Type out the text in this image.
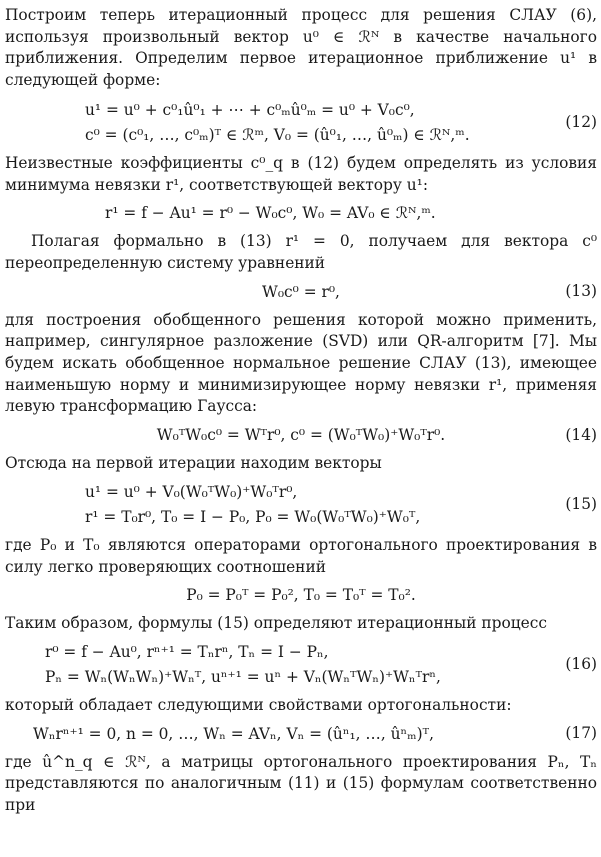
Построим теперь итерационный процесс для решения СЛАУ (6), используя произвольный вектор u⁰ ∈ ℛᴺ в качестве начального приближения. Определим первое итерационное приближение u¹ в следующей форме:

u¹ = u⁰ + c⁰₁û⁰₁ + ⋯ + c⁰ₘû⁰ₘ = u⁰ + V₀c⁰,
c⁰ = (c⁰₁, …, c⁰ₘ)ᵀ ∈ ℛᵐ, V₀ = (û⁰₁, …, û⁰ₘ) ∈ ℛᴺ,ᵐ.
(12)

Неизвестные коэффициенты c⁰_q в (12) будем определять из условия минимума невязки r¹, соответствующей вектору u¹:

r¹ = f − Au¹ = r⁰ − W₀c⁰, W₀ = AV₀ ∈ ℛᴺ,ᵐ.

Полагая формально в (13) r¹ = 0, получаем для вектора c⁰ переопределенную систему уравнений

W₀c⁰ = r⁰,	(13)

для построения обобщенного решения которой можно применить, например, сингулярное разложение (SVD) или QR-алгоритм [7]. Мы будем искать обобщенное нормальное решение СЛАУ (13), имеющее наименьшую норму и минимизирующее норму невязки r¹, применяя левую трансформацию Гаусса:

W₀ᵀW₀c⁰ = Wᵀr⁰, c⁰ = (W₀ᵀW₀)⁺W₀ᵀr⁰.	(14)

Отсюда на первой итерации находим векторы

u¹ = u⁰ + V₀(W₀ᵀW₀)⁺W₀ᵀr⁰,
r¹ = T₀r⁰, T₀ = I − P₀, P₀ = W₀(W₀ᵀW₀)⁺W₀ᵀ,
(15)

где P₀ и T₀ являются операторами ортогонального проектирования в силу легко проверяющих соотношений

P₀ = P₀ᵀ = P₀², T₀ = T₀ᵀ = T₀².

Таким образом, формулы (15) определяют итерационный процесс

r⁰ = f − Au⁰, rⁿ⁺¹ = Tₙrⁿ, Tₙ = I − Pₙ,
Pₙ = Wₙ(WₙWₙ)⁺Wₙᵀ, uⁿ⁺¹ = uⁿ + Vₙ(WₙᵀWₙ)⁺Wₙᵀrⁿ,
(16)

который обладает следующими свойствами ортогональности:

Wₙrⁿ⁺¹ = 0, n = 0, …, Wₙ = AVₙ, Vₙ = (ûⁿ₁, …, ûⁿₘ)ᵀ,	(17)

где û^n_q ∈ ℛᴺ, а матрицы ортогонального проектирования Pₙ, Tₙ представляются по аналогичным (11) и (15) формулам соответственно при
